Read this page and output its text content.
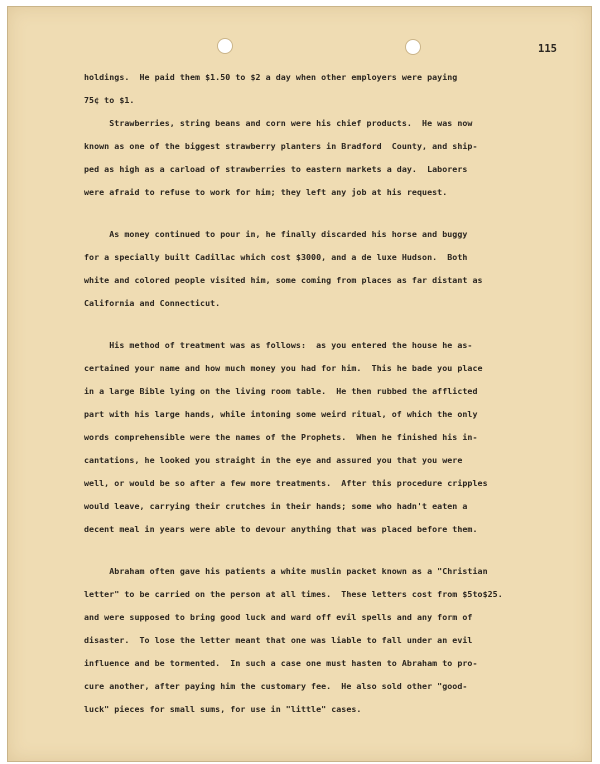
115
holdings.  He paid them $1.50 to $2 a day when other employers were paying
75¢ to $1.
Strawberries, string beans and corn were his chief products.  He was now
known as one of the biggest strawberry planters in Bradford  County, and ship-
ped as high as a carload of strawberries to eastern markets a day.  Laborers
were afraid to refuse to work for him; they left any job at his request.
As money continued to pour in, he finally discarded his horse and buggy
for a specially built Cadillac which cost $3000, and a de luxe Hudson.  Both
white and colored people visited him, some coming from places as far distant as
California and Connecticut.
His method of treatment was as follows:  as you entered the house he as-
certained your name and how much money you had for him.  This he bade you place
in a large Bible lying on the living room table.  He then rubbed the afflicted
part with his large hands, while intoning some weird ritual, of which the only
words comprehensible were the names of the Prophets.  When he finished his in-
cantations, he looked you straight in the eye and assured you that you were
well, or would be so after a few more treatments.  After this procedure cripples
would leave, carrying their crutches in their hands; some who hadn't eaten a
decent meal in years were able to devour anything that was placed before them.
Abraham often gave his patients a white muslin packet known as a "Christian
letter" to be carried on the person at all times.  These letters cost from $5to$25.
and were supposed to bring good luck and ward off evil spells and any form of
disaster.  To lose the letter meant that one was liable to fall under an evil
influence and be tormented.  In such a case one must hasten to Abraham to pro-
cure another, after paying him the customary fee.  He also sold other "good-
luck" pieces for small sums, for use in "little" cases.
